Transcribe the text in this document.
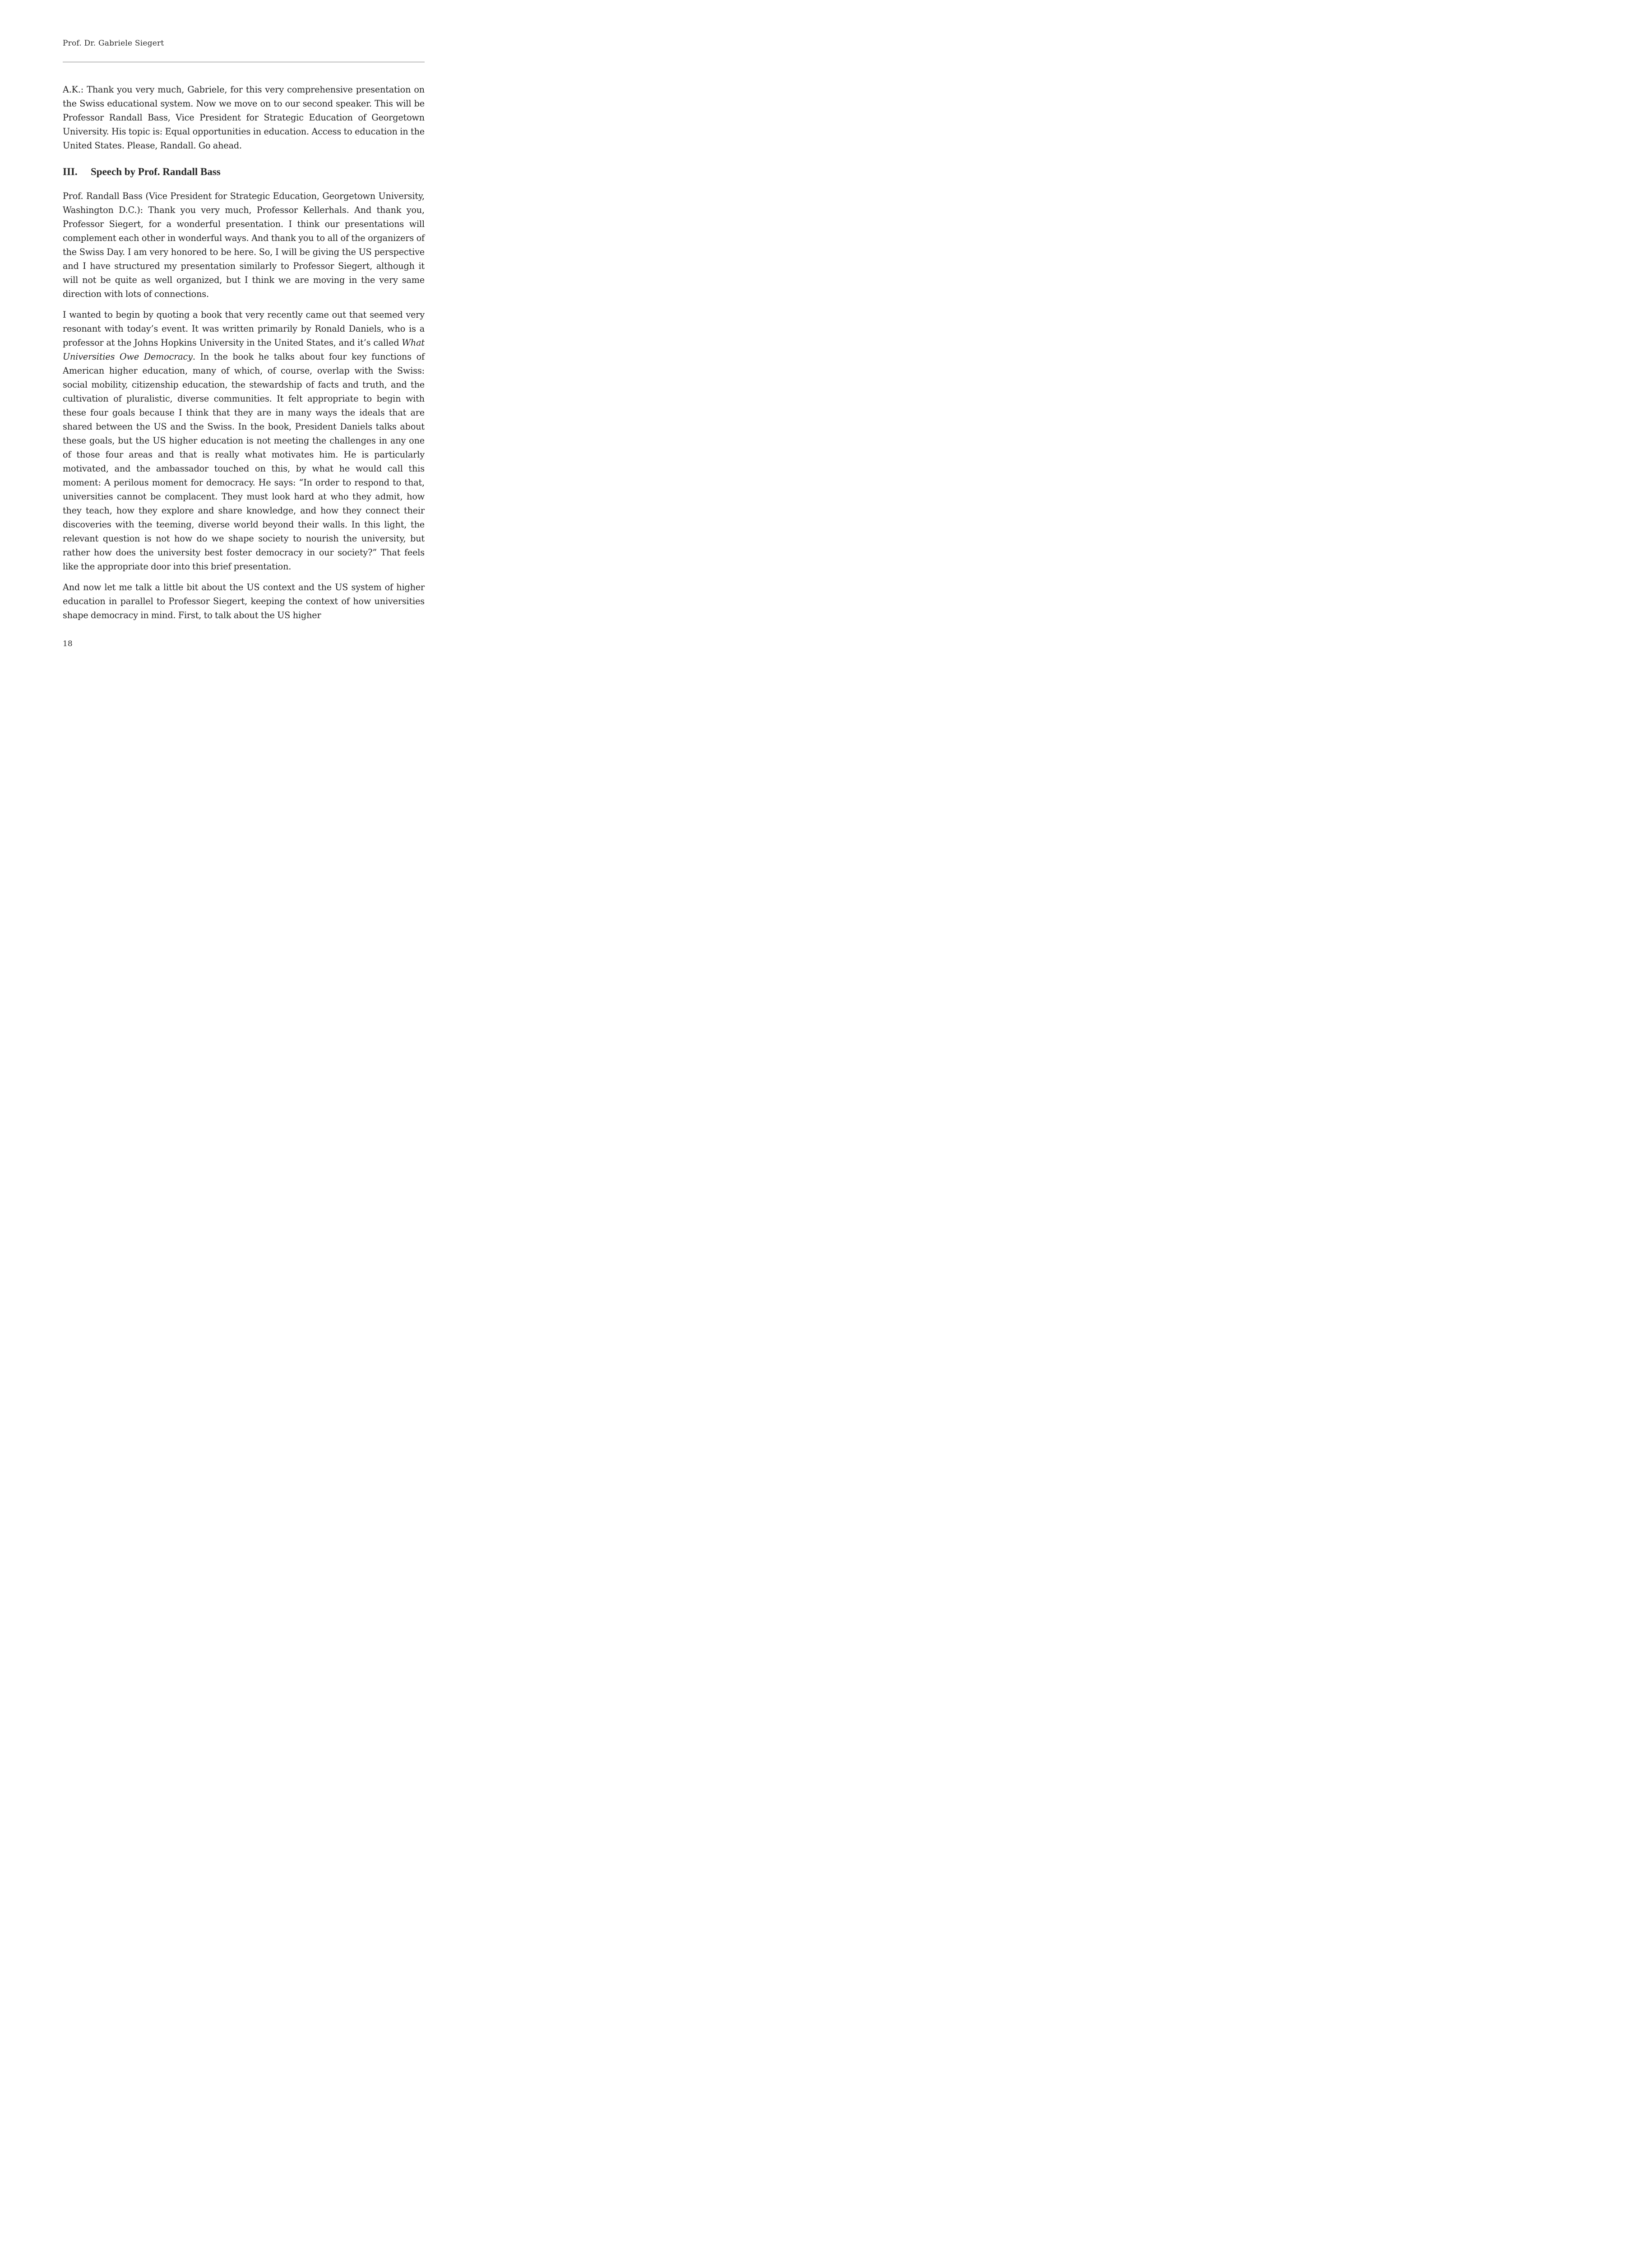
Prof. Dr. Gabriele Siegert

A.K.: Thank you very much, Gabriele, for this very comprehensive presentation on the Swiss educational system. Now we move on to our second speaker. This will be Professor Randall Bass, Vice President for Strategic Education of Georgetown University. His topic is: Equal opportunities in education. Access to education in the United States. Please, Randall. Go ahead.

III. Speech by Prof. Randall Bass

Prof. Randall Bass (Vice President for Strategic Education, Georgetown University, Washington D.C.): Thank you very much, Professor Kellerhals. And thank you, Professor Siegert, for a wonderful presentation. I think our presentations will complement each other in wonderful ways. And thank you to all of the organizers of the Swiss Day. I am very honored to be here. So, I will be giving the US perspective and I have structured my presentation similarly to Professor Siegert, although it will not be quite as well organized, but I think we are moving in the very same direction with lots of connections.

I wanted to begin by quoting a book that very recently came out that seemed very resonant with today’s event. It was written primarily by Ronald Daniels, who is a professor at the Johns Hopkins University in the United States, and it’s called What Universities Owe Democracy. In the book he talks about four key functions of American higher education, many of which, of course, overlap with the Swiss: social mobility, citizenship education, the stewardship of facts and truth, and the cultivation of pluralistic, diverse communities. It felt appropriate to begin with these four goals because I think that they are in many ways the ideals that are shared between the US and the Swiss. In the book, President Daniels talks about these goals, but the US higher education is not meeting the challenges in any one of those four areas and that is really what motivates him. He is particularly motivated, and the ambassador touched on this, by what he would call this moment: A perilous moment for democracy. He says: “In order to respond to that, universities cannot be complacent. They must look hard at who they admit, how they teach, how they explore and share knowledge, and how they connect their discoveries with the teeming, diverse world beyond their walls. In this light, the relevant question is not how do we shape society to nourish the university, but rather how does the university best foster democracy in our society?” That feels like the appropriate door into this brief presentation.

And now let me talk a little bit about the US context and the US system of higher education in parallel to Professor Siegert, keeping the context of how universities shape democracy in mind. First, to talk about the US higher

18
